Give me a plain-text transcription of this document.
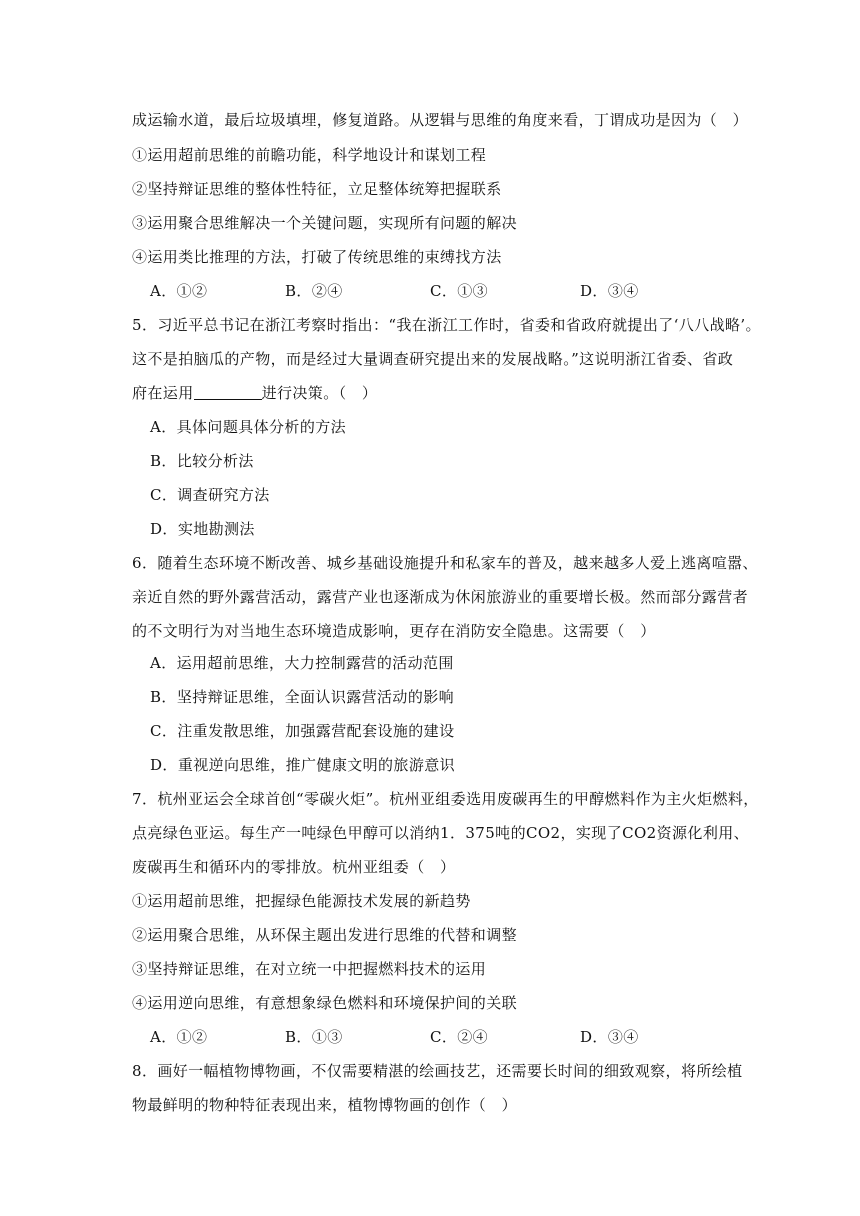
成运输水道，最后垃圾填埋，修复道路。从逻辑与思维的角度来看，丁谓成功是因为（　）
①运用超前思维的前瞻功能，科学地设计和谋划工程
②坚持辩证思维的整体性特征，立足整体统筹把握联系
③运用聚合思维解决一个关键问题，实现所有问题的解决
④运用类比推理的方法，打破了传统思维的束缚找方法
A．①②	B．②④	C．①③	D．③④
5．习近平总书记在浙江考察时指出：“我在浙江工作时，省委和省政府就提出了‘八八战略’。
这不是拍脑瓜的产物，而是经过大量调查研究提出来的发展战略。”这说明浙江省委、省政
府在运用	进行决策。（　）
A．具体问题具体分析的方法
B．比较分析法
C．调查研究方法
D．实地勘测法
6．随着生态环境不断改善、城乡基础设施提升和私家车的普及，越来越多人爱上逃离喧嚣、
亲近自然的野外露营活动，露营产业也逐渐成为休闲旅游业的重要增长极。然而部分露营者
的不文明行为对当地生态环境造成影响，更存在消防安全隐患。这需要（　）
A．运用超前思维，大力控制露营的活动范围
B．坚持辩证思维，全面认识露营活动的影响
C．注重发散思维，加强露营配套设施的建设
D．重视逆向思维，推广健康文明的旅游意识
7．杭州亚运会全球首创“零碳火炬”。杭州亚组委选用废碳再生的甲醇燃料作为主火炬燃料，
点亮绿色亚运。每生产一吨绿色甲醇可以消纳1．375吨的CO2，实现了CO2资源化利用、
废碳再生和循环内的零排放。杭州亚组委（　）
①运用超前思维，把握绿色能源技术发展的新趋势
②运用聚合思维，从环保主题出发进行思维的代替和调整
③坚持辩证思维，在对立统一中把握燃料技术的运用
④运用逆向思维，有意想象绿色燃料和环境保护间的关联
A．①②	B．①③	C．②④	D．③④
8．画好一幅植物博物画，不仅需要精湛的绘画技艺，还需要长时间的细致观察，将所绘植
物最鲜明的物种特征表现出来，植物博物画的创作（　）
